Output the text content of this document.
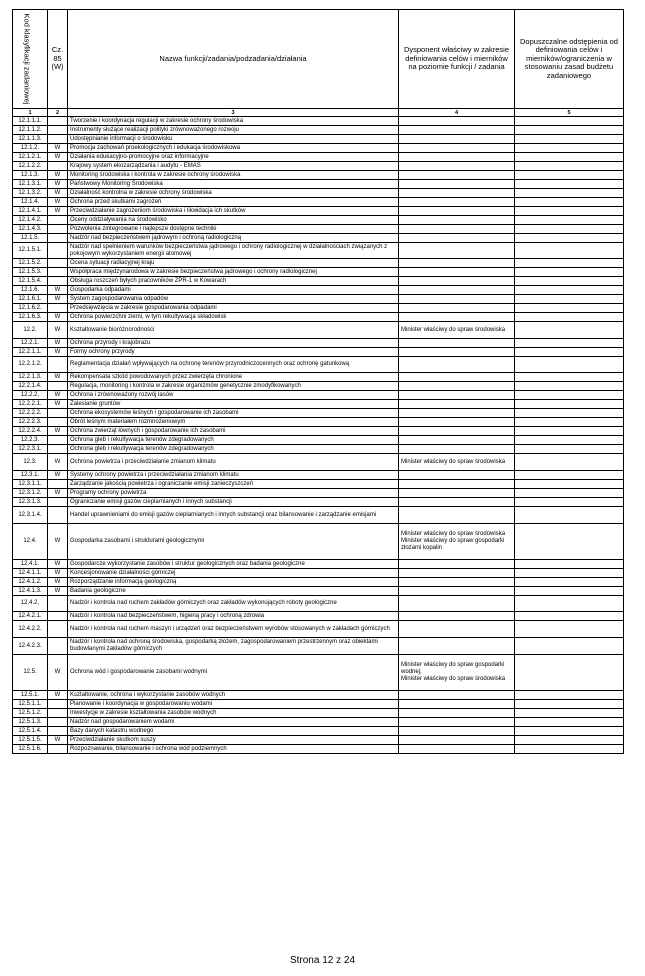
Kod klasyfikacji zadaniowej	Cz. 85 (W)	Nazwa funkcji/zadania/podzadania/działania	Dysponent właściwy w zakresie definiowania celów i mierników na poziomie funkcji / zadania	Dopuszczalne odstępienia od definiowania celów i mierników/ograniczenia w stosowaniu zasad budżetu zadaniowego
1	2	3	4	5
12.1.1.1.		Tworzenie i koordynacja regulacji w zakresie ochrony środowiska		
12.1.1.2.		Instrumenty służące realizacji polityki zrównoważonego rozwoju		
12.1.1.3.		Udostępnianie informacji o środowisku		
12.1.2.	W	Promocja zachowań proekologicznych i edukacja środowiskowa		
12.1.2.1.	W	Działania edukacyjno-promocyjne oraz informacyjne		
12.1.2.2.		Krajowy system ekozarządzania i audytu - EMAS		
12.1.3.	W	Monitoring środowiska i kontrola w zakresie ochrony środowiska		
12.1.3.1.	W	Państwowy Monitoring Środowiska		
12.1.3.2.	W	Działalność kontrolna w zakresie ochrony środowiska		
12.1.4.	W	Ochrona przed skutkami zagrożeń		
12.1.4.1.	W	Przeciwdziałanie zagrożeniom środowiska i likwidacja ich skutków		
12.1.4.2.		Oceny oddziaływania na środowisko		
12.1.4.3.		Pozwolenia zintegrowane i najlepsze dostępne techniki		
12.1.5.		Nadzór nad bezpieczeństwem jądrowym i ochroną radiologiczną		
12.1.5.1.		Nadzór nad spełnieniem warunków bezpieczeństwa jądrowego i ochrony radiologicznej w działalnościach związanych z pokojowym wykorzystaniem energii atomowej		
12.1.5.2.		Ocena sytuacji radiacyjnej kraju		
12.1.5.3.		Współpraca międzynarodowa w zakresie bezpieczeństwa jądrowego i ochrony radiologicznej		
12.1.5.4.		Obsługa roszczeń byłych pracowników ZPR-1 w Kowarach		
12.1.6.	W	Gospodarka odpadami		
12.1.6.1.	W	System zagospodarowania odpadów		
12.1.6.2.		Przedsięwzięcia w zakresie gospodarowania odpadami		
12.1.6.3.	W	Ochrona powierzchni ziemi, w tym rekultywacja składowisk		
12.2.	W	Kształtowanie bioróżnorodności	Minister właściwy do spraw środowiska	
12.2.1.	W	Ochrona przyrody i krajobrazu		
12.2.1.1.	W	Formy ochrony przyrody		
12.2.1.2.		Reglamentacja działań wpływających na ochronę terenów przyrodniczocennych oraz ochronę gatunkową		
12.2.1.3.	W	Rekompensata szkód powodowanych przez zwierzęta chronione		
12.2.1.4.		Regulacja, monitoring i kontrola w zakresie organizmów genetycznie zmodyfikowanych		
12.2.2.	W	Ochrona i zrównoważony rozwój lasów		
12.2.2.1.	W	Zalesianie gruntów		
12.2.2.2.		Ochrona ekosystemów leśnych i gospodarowanie ich zasobami		
12.2.2.3.		Obrót leśnym materiałem rozmnożeniowym		
12.2.2.4.	W	Ochrona zwierząt łownych i gospodarowanie ich zasobami		
12.2.3.		Ochrona gleb i rekultywacja terenów zdegradowanych		
12.2.3.1.		Ochrona gleb i rekultywacja terenów zdegradowanych		
12.3.	W	Ochrona powietrza i przeciwdziałanie zmianom klimatu	Minister właściwy do spraw środowiska	
12.3.1.	W	Systemy ochrony powietrza i przeciwdziałania zmianom klimatu		
12.3.1.1.		Zarządzanie jakością powietrza i ograniczanie emisji zanieczyszczeń		
12.3.1.2.	W	Programy ochrony powietrza		
12.3.1.3.		Ograniczanie emisji gazów cieplarnianych i innych substancji		
12.3.1.4.		Handel uprawnieniami do emisji gazów cieplarnianych i innych substancji oraz bilansowanie i zarządzanie emisjami		
12.4.	W	Gospodarka zasobami i strukturami geologicznymi	Minister właściwy do spraw środowiska
Minister właściwy do spraw gospodarki złożami kopalin	
12.4.1.	W	Gospodarcze wykorzystanie zasobów i struktur geologicznych oraz badania geologiczne		
12.4.1.1.	W	Koncesjonowanie działalności górniczej		
12.4.1.2.	W	Rozporządzanie informacją geologiczną		
12.4.1.3.	W	Badania geologiczne		
12.4.2.		Nadzór i kontrola nad ruchem zakładów górniczych oraz zakładów wykonujących roboty geologiczne		
12.4.2.1.		Nadzór i kontrola nad bezpieczeństwem, higieną pracy i ochroną zdrowia		
12.4.2.2.		Nadzór i kontrola nad ruchem maszyn i urządzeń oraz bezpieczeństwem wyrobów stosowanych w zakładach górniczych		
12.4.2.3.		Nadzór i kontrola nad ochroną środowiska, gospodarką złożem, zagospodarowaniem przestrzennym oraz obiektami budowlanymi zakładów górniczych		
12.5.	W	Ochrona wód i gospodarowanie zasobami wodnymi	Minister właściwy do spraw gospodarki wodnej;
Minister właściwy do spraw środowiska	
12.5.1.	W	Kształtowanie, ochrona i wykorzystanie zasobów wodnych		
12.5.1.1.		Planowanie i koordynacja w gospodarowaniu wodami		
12.5.1.2.		Inwestycje w zakresie kształtowania zasobów wodnych		
12.5.1.3.		Nadzór nad gospodarowaniem wodami		
12.5.1.4.		Bazy danych katastru wodnego		
12.5.1.5.	W	Przeciwdziałanie skutkom suszy		
12.5.1.6.		Rozpoznawanie, bilansowanie i ochrona wód podziemnych		
Strona 12 z 24
